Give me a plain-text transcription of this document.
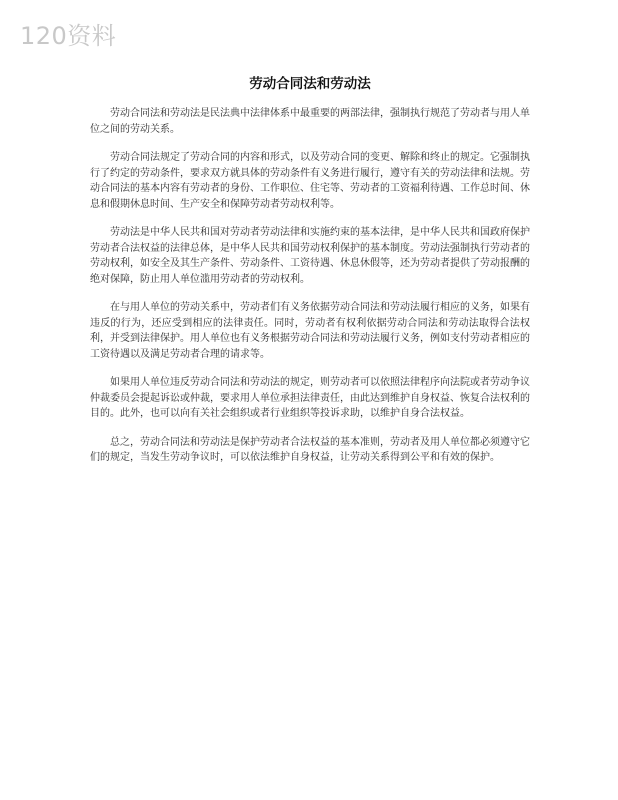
120资料
劳动合同法和劳动法

劳动合同法和劳动法是民法典中法律体系中最重要的两部法律，强制执行规范了劳动者与用人单位之间的劳动关系。

劳动合同法规定了劳动合同的内容和形式，以及劳动合同的变更、解除和终止的规定。它强制执行了约定的劳动条件，要求双方就具体的劳动条件有义务进行履行，遵守有关的劳动法律和法规。劳动合同法的基本内容有劳动者的身份、工作职位、住宅等、劳动者的工资福利待遇、工作总时间、休息和假期休息时间、生产安全和保障劳动者劳动权利等。

劳动法是中华人民共和国对劳动者劳动法律和实施约束的基本法律，是中华人民共和国政府保护劳动者合法权益的法律总体，是中华人民共和国劳动权利保护的基本制度。劳动法强制执行劳动者的劳动权利，如安全及其生产条件、劳动条件、工资待遇、休息休假等，还为劳动者提供了劳动报酬的绝对保障，防止用人单位滥用劳动者的劳动权利。

在与用人单位的劳动关系中，劳动者们有义务依据劳动合同法和劳动法履行相应的义务，如果有违反的行为，还应受到相应的法律责任。同时，劳动者有权利依据劳动合同法和劳动法取得合法权利，并受到法律保护。用人单位也有义务根据劳动合同法和劳动法履行义务，例如支付劳动者相应的工资待遇以及满足劳动者合理的请求等。

如果用人单位违反劳动合同法和劳动法的规定，则劳动者可以依照法律程序向法院或者劳动争议仲裁委员会提起诉讼或仲裁，要求用人单位承担法律责任，由此达到维护自身权益、恢复合法权利的目的。此外，也可以向有关社会组织或者行业组织等投诉求助，以维护自身合法权益。

总之，劳动合同法和劳动法是保护劳动者合法权益的基本准则，劳动者及用人单位都必须遵守它们的规定，当发生劳动争议时，可以依法维护自身权益，让劳动关系得到公平和有效的保护。
